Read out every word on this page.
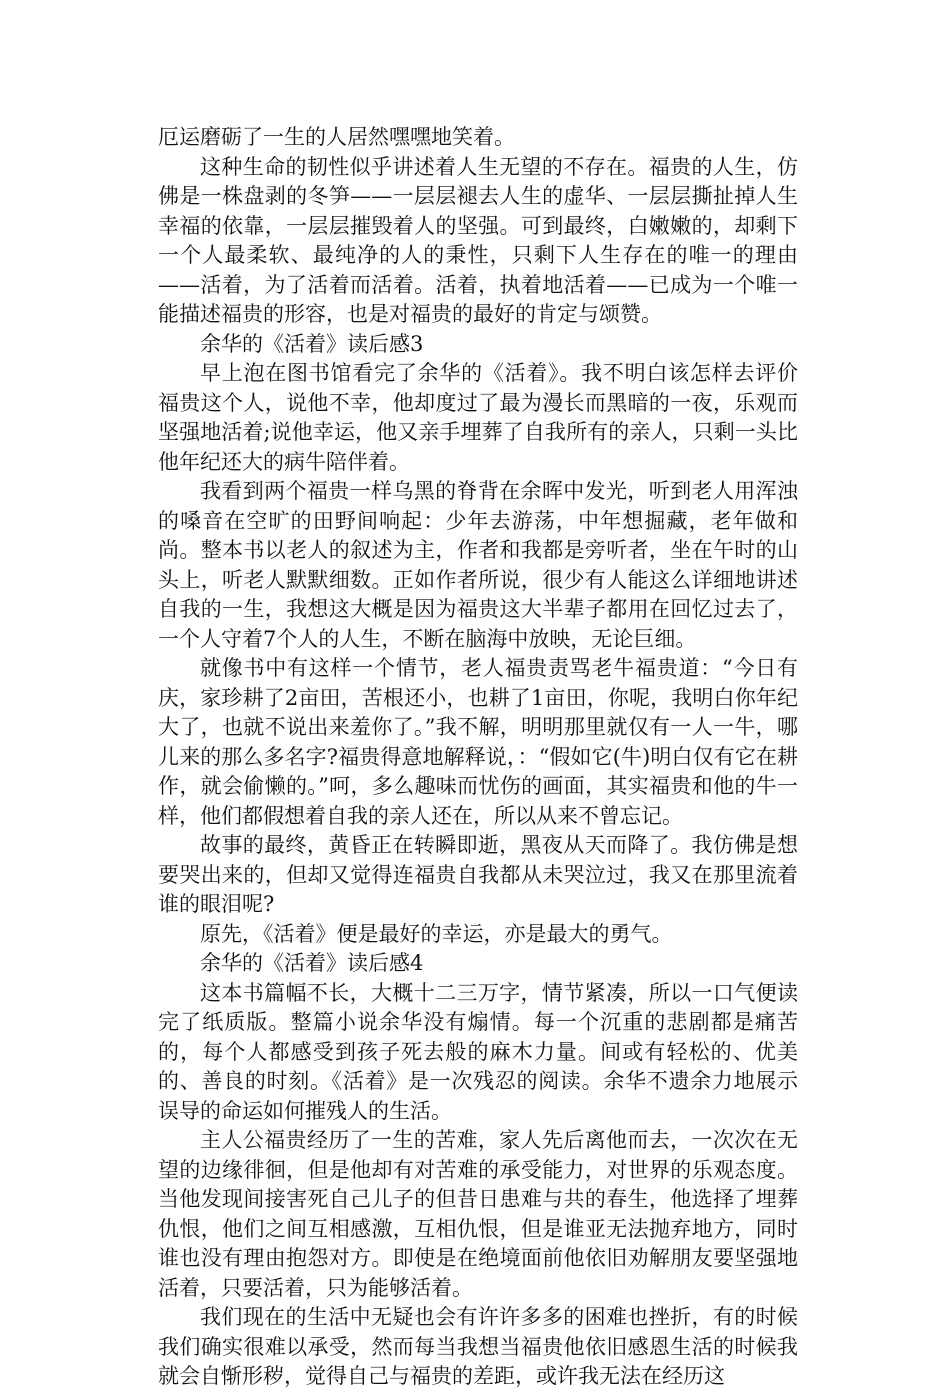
厄运磨砺了一生的人居然嘿嘿地笑着。

这种生命的韧性似乎讲述着人生无望的不存在。福贵的人生，仿佛是一株盘剥的冬笋——一层层褪去人生的虚华、一层层撕扯掉人生幸福的依靠，一层层摧毁着人的坚强。可到最终，白嫩嫩的，却剩下一个人最柔软、最纯净的人的秉性，只剩下人生存在的唯一的理由——活着，为了活着而活着。活着，执着地活着——已成为一个唯一能描述福贵的形容，也是对福贵的最好的肯定与颂赞。

余华的《活着》读后感3

早上泡在图书馆看完了余华的《活着》。我不明白该怎样去评价福贵这个人，说他不幸，他却度过了最为漫长而黑暗的一夜，乐观而坚强地活着;说他幸运，他又亲手埋葬了自我所有的亲人，只剩一头比他年纪还大的病牛陪伴着。

我看到两个福贵一样乌黑的脊背在余晖中发光，听到老人用浑浊的嗓音在空旷的田野间响起：少年去游荡，中年想掘藏，老年做和尚。整本书以老人的叙述为主，作者和我都是旁听者，坐在午时的山头上，听老人默默细数。正如作者所说，很少有人能这么详细地讲述自我的一生，我想这大概是因为福贵这大半辈子都用在回忆过去了，一个人守着7个人的人生，不断在脑海中放映，无论巨细。

就像书中有这样一个情节，老人福贵责骂老牛福贵道：“今日有庆，家珍耕了2亩田，苦根还小，也耕了1亩田，你呢，我明白你年纪大了，也就不说出来羞你了。”我不解，明明那里就仅有一人一牛，哪儿来的那么多名字?福贵得意地解释说，：“假如它(牛)明白仅有它在耕作，就会偷懒的。”呵，多么趣味而忧伤的画面，其实福贵和他的牛一样，他们都假想着自我的亲人还在，所以从来不曾忘记。

故事的最终，黄昏正在转瞬即逝，黑夜从天而降了。我仿佛是想要哭出来的，但却又觉得连福贵自我都从未哭泣过，我又在那里流着谁的眼泪呢?

原先，《活着》便是最好的幸运，亦是最大的勇气。

余华的《活着》读后感4

这本书篇幅不长，大概十二三万字，情节紧凑，所以一口气便读完了纸质版。整篇小说余华没有煽情。每一个沉重的悲剧都是痛苦的，每个人都感受到孩子死去般的麻木力量。间或有轻松的、优美的、善良的时刻。《活着》是一次残忍的阅读。余华不遗余力地展示误导的命运如何摧残人的生活。

主人公福贵经历了一生的苦难，家人先后离他而去，一次次在无望的边缘徘徊，但是他却有对苦难的承受能力，对世界的乐观态度。当他发现间接害死自己儿子的但昔日患难与共的春生，他选择了埋葬仇恨，他们之间互相感激，互相仇恨，但是谁亚无法抛弃地方，同时谁也没有理由抱怨对方。即使是在绝境面前他依旧劝解朋友要坚强地活着，只要活着，只为能够活着。

我们现在的生活中无疑也会有许许多多的困难也挫折，有的时候我们确实很难以承受，然而每当我想当福贵他依旧感恩生活的时候我就会自惭形秽，觉得自己与福贵的差距，或许我无法在经历这
